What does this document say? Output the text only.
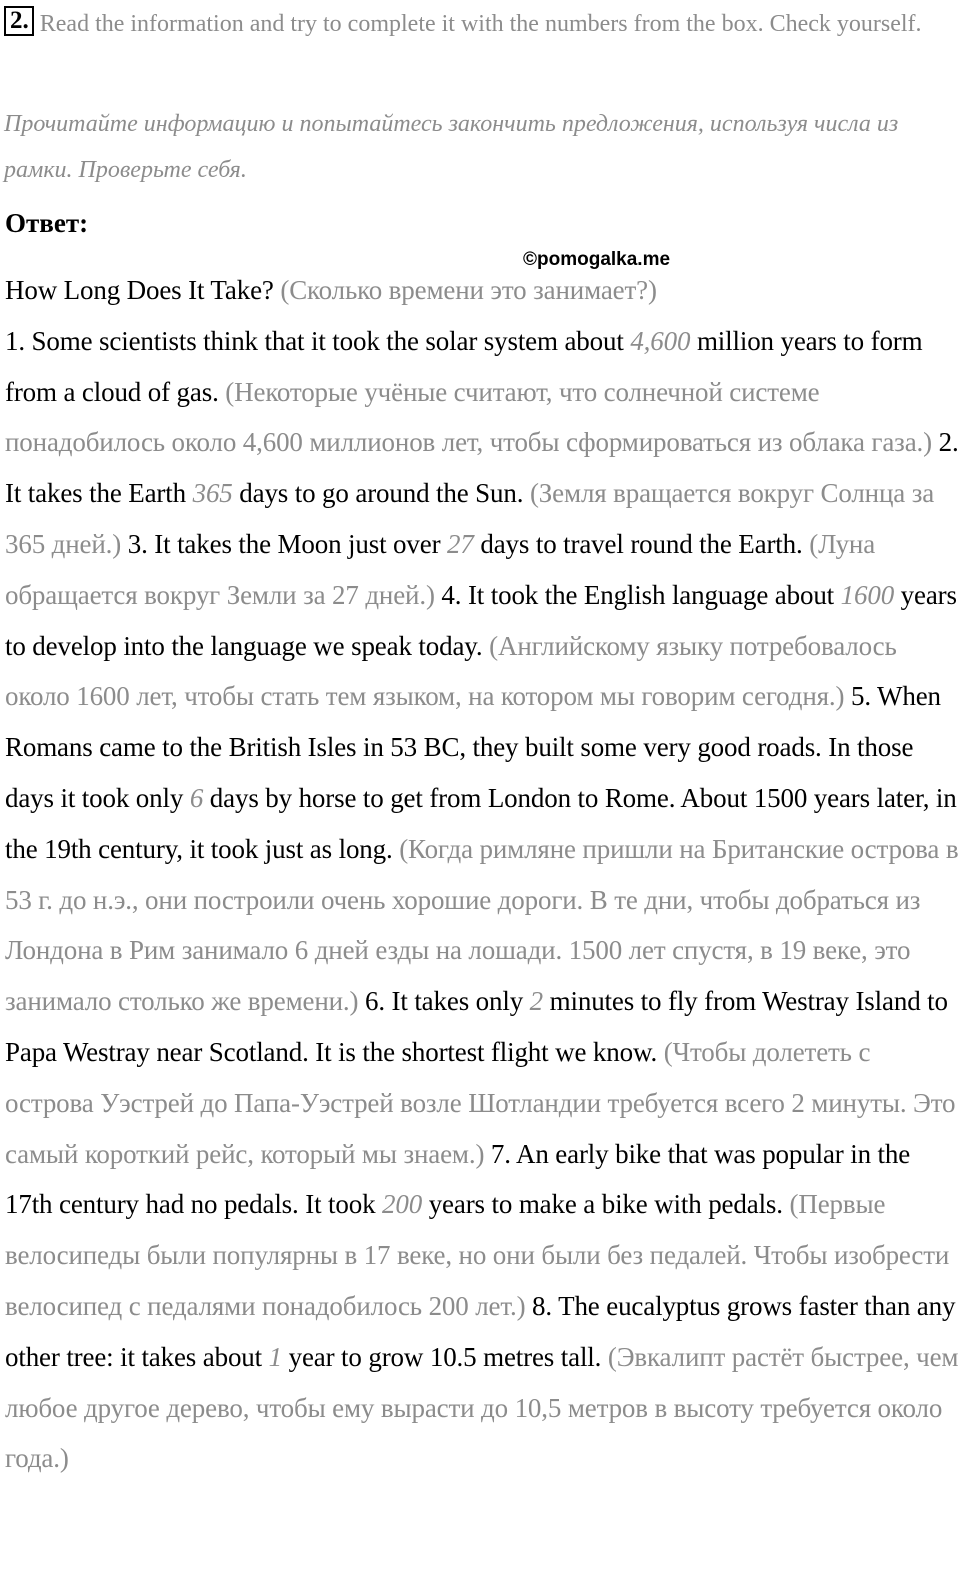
2. Read the information and try to complete it with the numbers from the box. Check yourself.
Прочитайте информацию и попытайтесь закончить предложения, используя числа из рамки. Проверьте себя.
Ответ:
©pomogalka.me
How Long Does It Take? (Сколько времени это занимает?)
1. Some scientists think that it took the solar system about 4,600 million years to form from a cloud of gas. (Некоторые учёные считают, что солнечной системе понадобилось около 4,600 миллионов лет, чтобы сформироваться из облака газа.) 2. It takes the Earth 365 days to go around the Sun. (Земля вращается вокруг Солнца за 365 дней.) 3. It takes the Moon just over 27 days to travel round the Earth. (Луна обращается вокруг Земли за 27 дней.) 4. It took the English language about 1600 years to develop into the language we speak today. (Английскому языку потребовалось около 1600 лет, чтобы стать тем языком, на котором мы говорим сегодня.) 5. When Romans came to the British Isles in 53 BC, they built some very good roads. In those days it took only 6 days by horse to get from London to Rome. About 1500 years later, in the 19th century, it took just as long. (Когда римляне пришли на Британские острова в 53 г. до н.э., они построили очень хорошие дороги. В те дни, чтобы добраться из Лондона в Рим занимало 6 дней езды на лошади. 1500 лет спустя, в 19 веке, это занимало столько же времени.) 6. It takes only 2 minutes to fly from Westray Island to Papa Westray near Scotland. It is the shortest flight we know. (Чтобы долететь с острова Уэстрей до Папа-Уэстрей возле Шотландии требуется всего 2 минуты. Это самый короткий рейс, который мы знаем.) 7. An early bike that was popular in the 17th century had no pedals. It took 200 years to make a bike with pedals. (Первые велосипеды были популярны в 17 веке, но они были без педалей. Чтобы изобрести велосипед с педалями понадобилось 200 лет.) 8. The eucalyptus grows faster than any other tree: it takes about 1 year to grow 10.5 metres tall. (Эвкалипт растёт быстрее, чем любое другое дерево, чтобы ему вырасти до 10,5 метров в высоту требуется около года.)
